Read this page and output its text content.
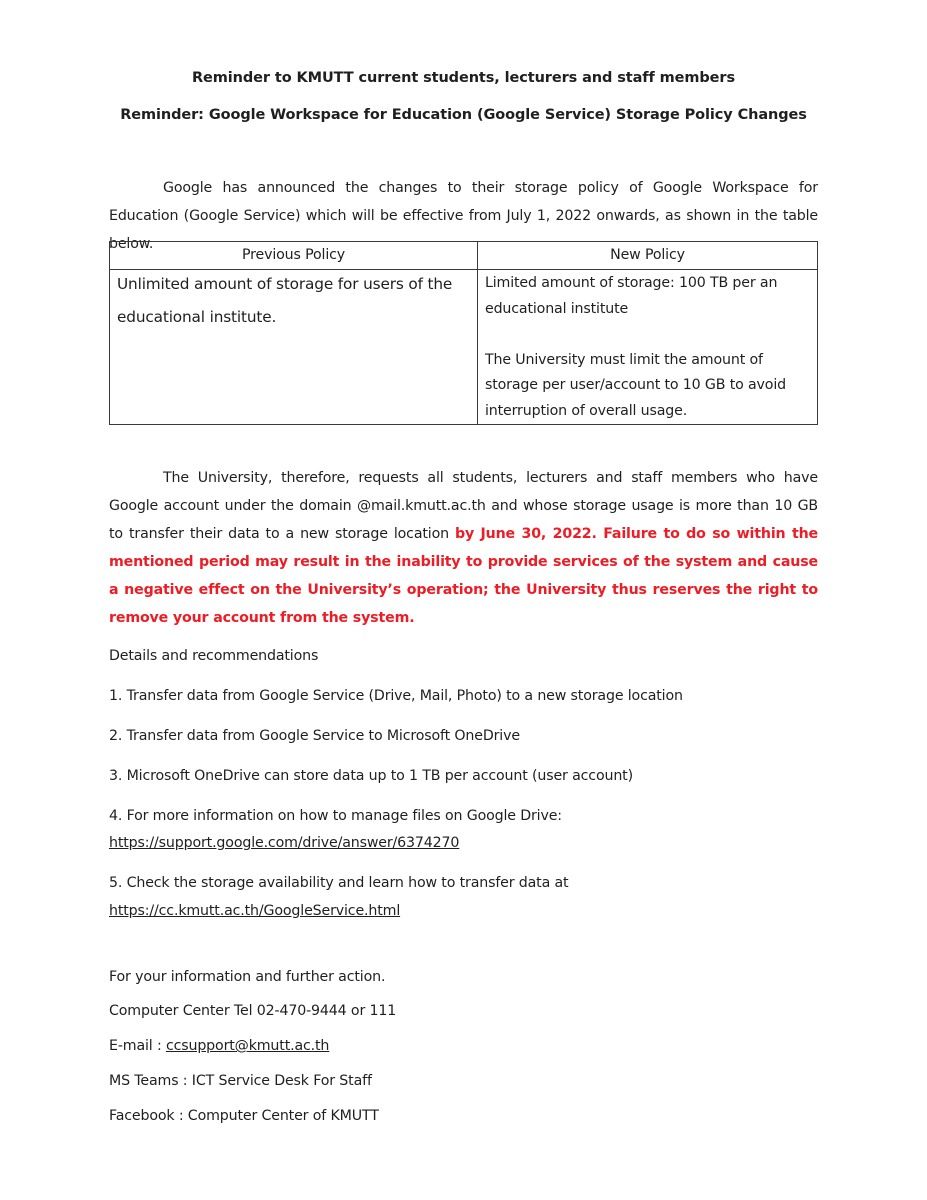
Reminder to KMUTT current students, lecturers and staff members

Reminder: Google Workspace for Education (Google Service) Storage Policy Changes

Google has announced the changes to their storage policy of Google Workspace for Education (Google Service) which will be effective from July 1, 2022 onwards, as shown in the table below.

Previous Policy	New Policy

Unlimited amount of storage for users of the educational institute.	Limited amount of storage: 100 TB per an educational institute
The University must limit the amount of storage per user/account to 10 GB to avoid interruption of overall usage.

The University, therefore, requests all students, lecturers and staff members who have Google account under the domain @mail.kmutt.ac.th and whose storage usage is more than 10 GB to transfer their data to a new storage location by June 30, 2022. Failure to do so within the mentioned period may result in the inability to provide services of the system and cause a negative effect on the University’s operation; the University thus reserves the right to remove your account from the system.

Details and recommendations

1. Transfer data from Google Service (Drive, Mail, Photo) to a new storage location

2. Transfer data from Google Service to Microsoft OneDrive

3. Microsoft OneDrive can store data up to 1 TB per account (user account)

4. For more information on how to manage files on Google Drive:

https://support.google.com/drive/answer/6374270

5. Check the storage availability and learn how to transfer data at

https://cc.kmutt.ac.th/GoogleService.html

For your information and further action.

Computer Center Tel 02-470-9444 or 111

E-mail : ccsupport@kmutt.ac.th

MS Teams : ICT Service Desk For Staff

Facebook : Computer Center of KMUTT
